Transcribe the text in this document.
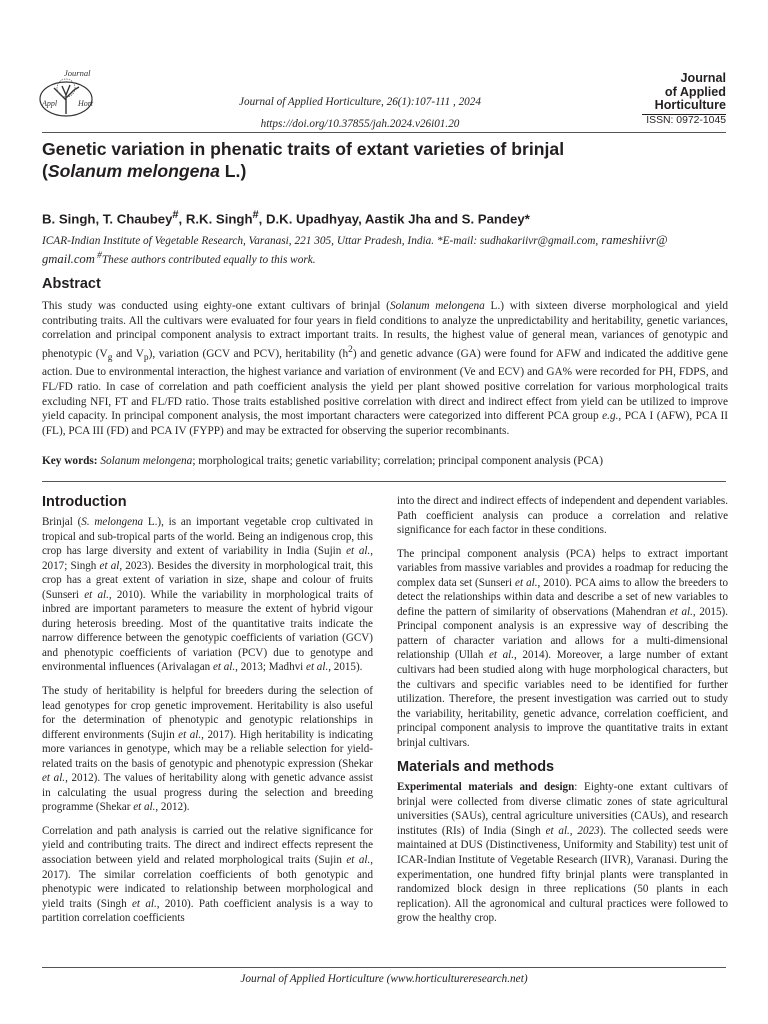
Journal
Appl	Hort	Journal of Applied Horticulture, 26(1):107-111 , 2024
https://doi.org/10.37855/jah.2024.v26i01.20
Journal
of Applied
Horticulture
ISSN: 0972-1045
Genetic variation in phenatic traits of extant varieties of brinjal
(Solanum melongena L.)
B. Singh, T. Chaubey#, R.K. Singh#, D.K. Upadhyay, Aastik Jha and S. Pandey*
ICAR-Indian Institute of Vegetable Research, Varanasi, 221 305, Uttar Pradesh, India. *E-mail: sudhakariivr@gmail.com, rameshiivr@
gmail.com #These authors contributed equally to this work.
Abstract
This study was conducted using eighty-one extant cultivars of brinjal (Solanum melongena L.) with sixteen diverse morphological and yield contributing traits. All the cultivars were evaluated for four years in field conditions to analyze the unpredictability and heritability, genetic variances, correlation and principal component analysis to extract important traits. In results, the highest value of general mean, variances of genotypic and phenotypic ($V_g$ and $V_p$), variation (GCV and PCV), heritability $(h^2)$ and genetic advance (GA) were found for AFW and indicated the additive gene action. Due to environmental interaction, the highest variance and variation of environment (Ve and ECV) and GA% were recorded for PH, FDPS, and FL/FD ratio. In case of correlation and path coefficient analysis the yield per plant showed positive correlation for various morphological traits excluding NFI, FT and FL/FD ratio. Those traits established positive correlation with direct and indirect effect from yield can be utilized to improve yield capacity. In principal component analysis, the most important characters were categorized into different PCA group e.g., PCA I (AFW), PCA II (FL), PCA III (FD) and PCA IV (FYPP) and may be extracted for observing the superior recombinants.
Key words: Solanum melongena; morphological traits; genetic variability; correlation; principal component analysis (PCA)
Introduction

Brinjal (S. melongena L.), is an important vegetable crop cultivated in tropical and sub-tropical parts of the world. Being an indigenous crop, this crop has large diversity and extent of variability in India (Sujin et al., 2017; Singh et al, 2023). Besides the diversity in morphological trait, this crop has a great extent of variation in size, shape and colour of fruits (Sunseri et al., 2010). While the variability in morphological traits of inbred are important parameters to measure the extent of hybrid vigour during heterosis breeding. Most of the quantitative traits indicate the narrow difference between the genotypic coefficients of variation (GCV) and phenotypic coefficients of variation (PCV) due to genotype and environmental influences (Arivalagan et al., 2013; Madhvi et al., 2015).

The study of heritability is helpful for breeders during the selection of lead genotypes for crop genetic improvement. Heritability is also useful for the determination of phenotypic and genotypic relationships in different environments (Sujin et al., 2017). High heritability is indicating more variances in genotype, which may be a reliable selection for yield-related traits on the basis of genotypic and phenotypic expression (Shekar et al., 2012). The values of heritability along with genetic advance assist in calculating the usual progress during the selection and breeding programme (Shekar et al., 2012).

Correlation and path analysis is carried out the relative significance for yield and contributing traits. The direct and indirect effects represent the association between yield and related morphological traits (Sujin et al., 2017). The similar correlation coefficients of both genotypic and phenotypic were indicated to relationship between morphological and yield traits (Singh et al., 2010). Path coefficient analysis is a way to partition correlation coefficients

into the direct and indirect effects of independent and dependent variables. Path coefficient analysis can produce a correlation and relative significance for each factor in these conditions.

The principal component analysis (PCA) helps to extract important variables from massive variables and provides a roadmap for reducing the complex data set (Sunseri et al., 2010). PCA aims to allow the breeders to detect the relationships within data and describe a set of new variables to define the pattern of similarity of observations (Mahendran et al., 2015). Principal component analysis is an expressive way of describing the pattern of character variation and allows for a multi-dimensional relationship (Ullah et al., 2014). Moreover, a large number of extant cultivars had been studied along with huge morphological characters, but the cultivars and specific variables need to be identified for further utilization. Therefore, the present investigation was carried out to study the variability, heritability, genetic advance, correlation coefficient, and principal component analysis to improve the quantitative traits in extant brinjal cultivars.

Materials and methods

Experimental materials and design: Eighty-one extant cultivars of brinjal were collected from diverse climatic zones of state agricultural universities (SAUs), central agriculture universities (CAUs), and research institutes (RIs) of India (Singh et al., 2023). The collected seeds were maintained at DUS (Distinctiveness, Uniformity and Stability) test unit of ICAR-Indian Institute of Vegetable Research (IIVR), Varanasi. During the experimentation, one hundred fifty brinjal plants were transplanted in randomized block design in three replications (50 plants in each replication). All the agronomical and cultural practices were followed to grow the healthy crop.

Journal of Applied Horticulture (www.horticultureresearch.net)
